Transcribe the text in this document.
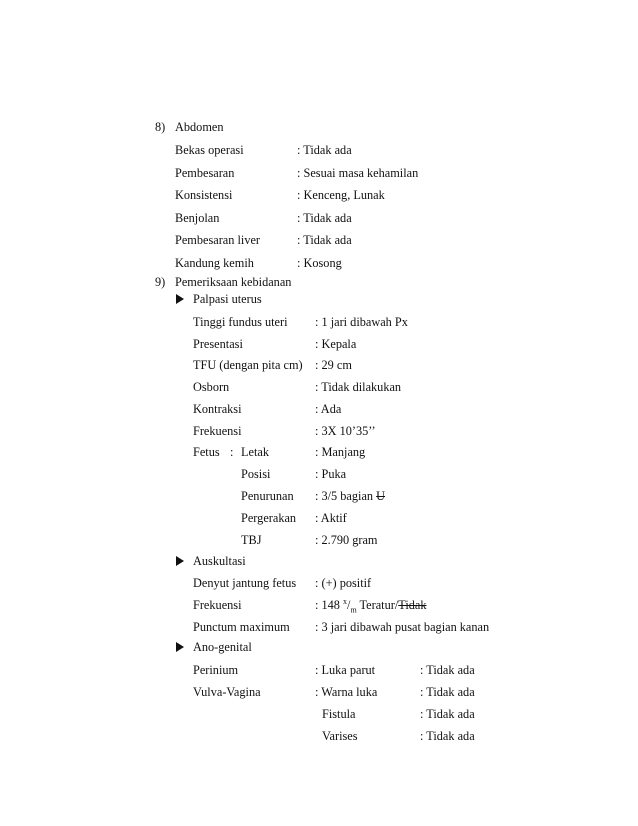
8) Abdomen
Bekas operasi	: Tidak ada
Pembesaran	: Sesuai masa kehamilan
Konsistensi	: Kenceng, Lunak
Benjolan	: Tidak ada
Pembesaran liver	: Tidak ada
Kandung kemih	: Kosong
9) Pemeriksaan kebidanan
Palpasi uterus
Tinggi fundus uteri : 1 jari dibawah Px
Presentasi	: Kepala
TFU (dengan pita cm) : 29 cm
Osborn	: Tidak dilakukan
Kontraksi	: Ada
Frekuensi	: 3X 10’35’’
Fetus : Letak	: Manjang
Posisi	: Puka
Penurunan : 3/5 bagian U
Pergerakan : Aktif
TBJ	: 2.790 gram
Auskultasi
Denyut jantung fetus : (+) positif
Frekuensi	: 148 $^x/_m$ Teratur/Tidak
Punctum maximum : 3 jari dibawah pusat bagian kanan
Ano-genital
Perinium	: Luka parut	: Tidak ada
Vulva-Vagina	: Warna luka	: Tidak ada
Fistula	: Tidak ada
Varises	: Tidak ada
